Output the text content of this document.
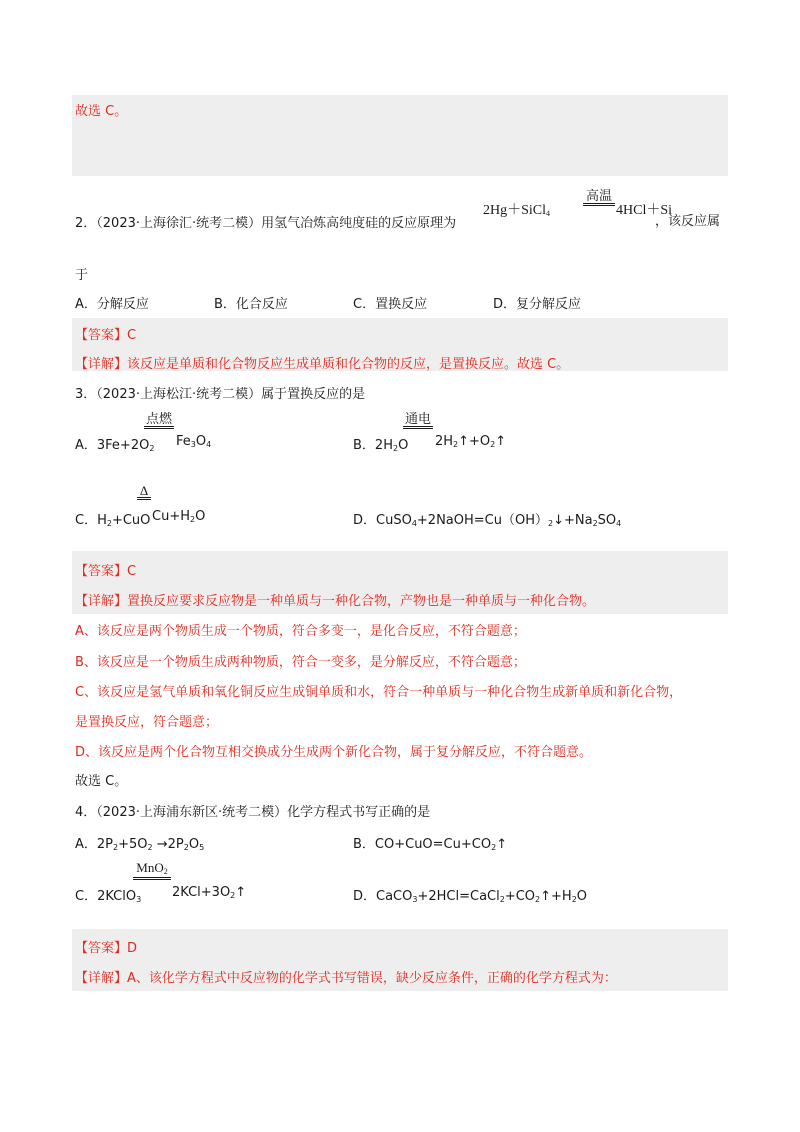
故选 C。
2．（2023·上海徐汇·统考二模）用氢气冶炼高纯度硅的反应原理为
2Hg＋SiCl$_4$
高温
4HCl＋Si
，该反应属
于
A．分解反应	B．化合反应	C．置换反应	D．复分解反应
【答案】C
【详解】该反应是单质和化合物反应生成单质和化合物的反应，是置换反应。故选 C。
3．（2023·上海松江·统考二模）属于置换反应的是
点燃
A．$3Fe+2O_2$ $Fe_3O_4$
通电
B．$2H_2O$ $2H_2↑+O_2↑$
Δ
C．$H_2+CuO$ $Cu+H_2O$	D．$CuSO_4+2NaOH=Cu(OH)_2↓+Na_2SO_4$
【答案】C
【详解】置换反应要求反应物是一种单质与一种化合物，产物也是一种单质与一种化合物。
A、该反应是两个物质生成一个物质，符合多变一，是化合反应，不符合题意；
B、该反应是一个物质生成两种物质，符合一变多，是分解反应，不符合题意；
C、该反应是氢气单质和氧化铜反应生成铜单质和水，符合一种单质与一种化合物生成新单质和新化合物，
是置换反应，符合题意；
D、该反应是两个化合物互相交换成分生成两个新化合物，属于复分解反应，不符合题意。
故选 C。
4．（2023·上海浦东新区·统考二模）化学方程式书写正确的是
A．$2P_2+5O_2 \to 2P_2O_5$	B．$CO+CuO=Cu+CO_2↑$
MnO$_2$
C．2KClO$_3$ $2KCl+3O_2↑$	D．$CaCO_3+2HCl=CaCl_2+CO_2↑+H_2O$
【答案】D
【详解】A、该化学方程式中反应物的化学式书写错误，缺少反应条件，正确的化学方程式为：
